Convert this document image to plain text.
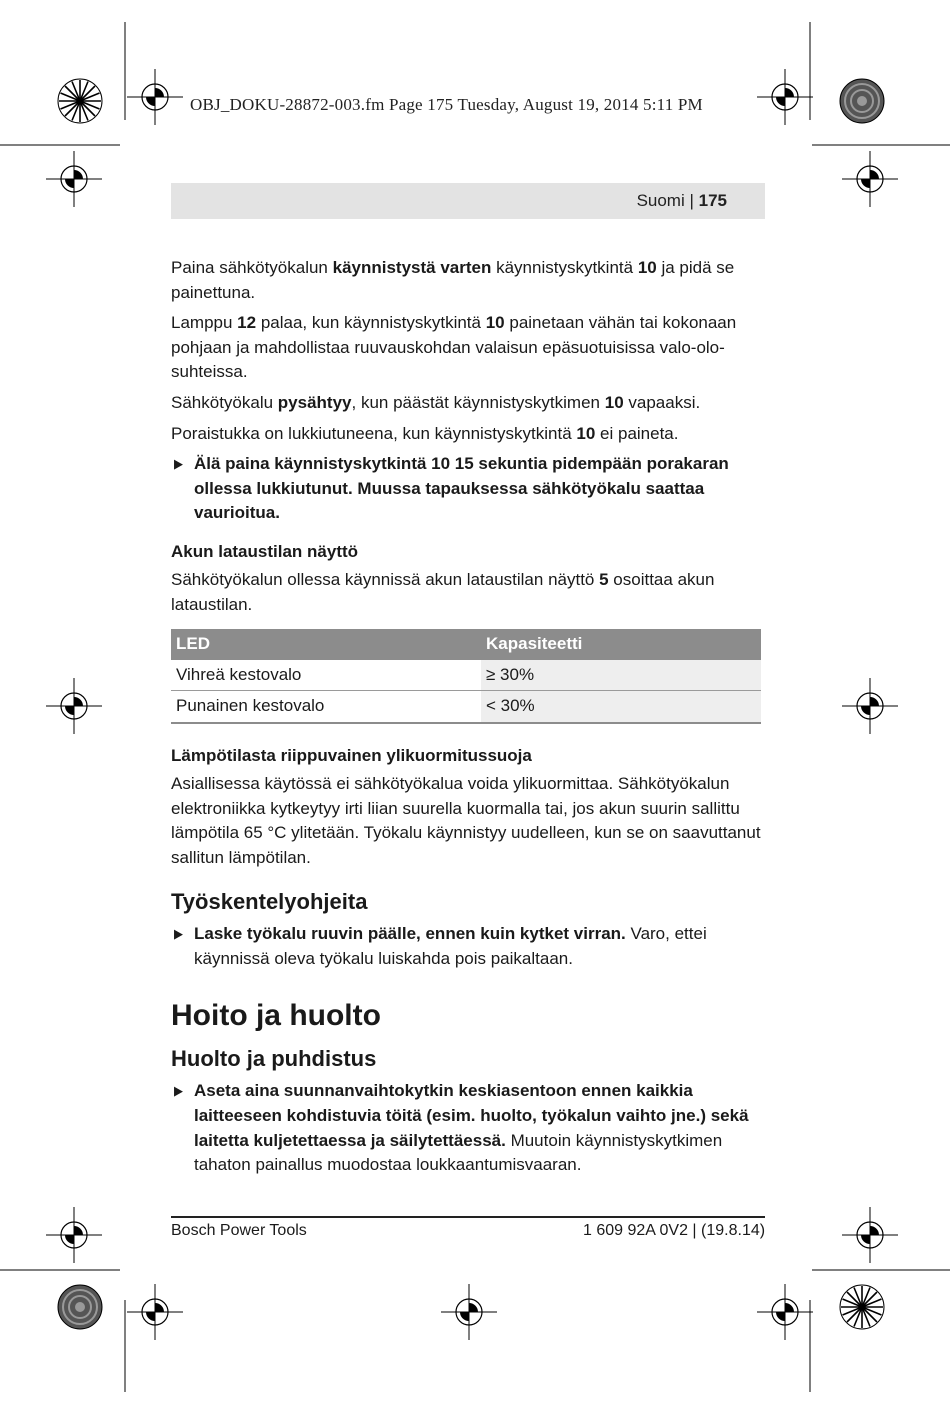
OBJ_DOKU-28872-003.fm Page 175 Tuesday, August 19, 2014 5:11 PM
Suomi | 175

Paina sähkötyökalun käynnistystä varten käynnistyskytkintä 10 ja pidä se painettuna.

Lamppu 12 palaa, kun käynnistyskytkintä 10 painetaan vähän tai kokonaan pohjaan ja mahdollistaa ruuvauskohdan valaisun epäsuotuisissa valo-olo-suhteissa.

Sähkötyökalu pysähtyy, kun päästät käynnistyskytkimen 10 vapaaksi.

Poraistukka on lukkiutuneena, kun käynnistyskytkintä 10 ei paineta.

▶ Älä paina käynnistyskytkintä 10 15 sekuntia pidempään porakaran ollessa lukkiutunut. Muussa tapauksessa sähkötyökalu saattaa vaurioitua.

Akun lataustilan näyttö

Sähkötyökalun ollessa käynnissä akun lataustilan näyttö 5 osoittaa akun lataustilan.

LED	Kapasiteetti
Vihreä kestovalo	≥ 30%
Punainen kestovalo	< 30%
Lämpötilasta riippuvainen ylikuormitussuoja

Asiallisessa käytössä ei sähkötyökalua voida ylikuormittaa. Sähkötyökalun elektroniikka kytkeytyy irti liian suurella kuormalla tai, jos akun suurin sallittu lämpötila 65 °C ylitetään. Työkalu käynnistyy uudelleen, kun se on saavuttanut sallitun lämpötilan.

Työskentelyohjeita

▶ Laske työkalu ruuvin päälle, ennen kuin kytket virran. Varo, ettei käynnissä oleva työkalu luiskahda pois paikaltaan.

Hoito ja huolto
Huolto ja puhdistus

▶ Aseta aina suunnanvaihtokytkin keskiasentoon ennen kaikkia laitteeseen kohdistuvia töitä (esim. huolto, työkalun vaihto jne.) sekä laitetta kuljetettaessa ja säilytettäessä. Muutoin käynnistyskytkimen tahaton painallus muodostaa loukkaantumisvaaran.

Bosch Power Tools	1 609 92A 0V2 | (19.8.14)
